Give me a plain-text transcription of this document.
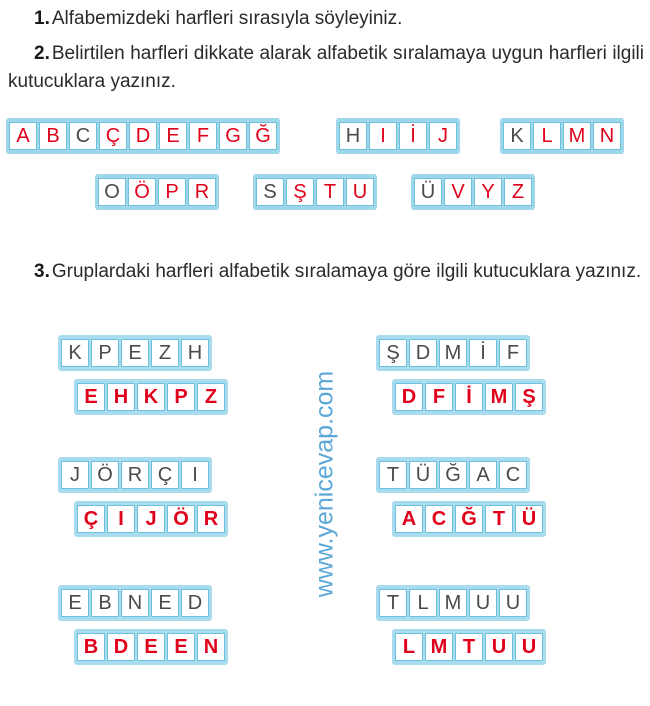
1. Alfabemizdeki harfleri sırasıyla söyleyiniz.
2. Belirtilen harfleri dikkate alarak alfabetik sıralamaya uygun harfleri ilgili kutucuklara yazınız.
A B C Ç D E F G Ğ	H	I	İ	J	K L M N
O Ö P R	S Ş T U	Ü V Y Z
3. Gruplardaki harfleri alfabetik sıralamaya göre ilgili kutucuklara yazınız.
K P E Z H
E H K P Z
Ş D M İ	F
D F	İ M Ş
J Ö R Ç	I
Ç	I	J Ö R
T Ü Ğ A C
A C Ğ T Ü
E B N E D
B D E E N
T L M U U
L M T U U
www.yenicevap.com
